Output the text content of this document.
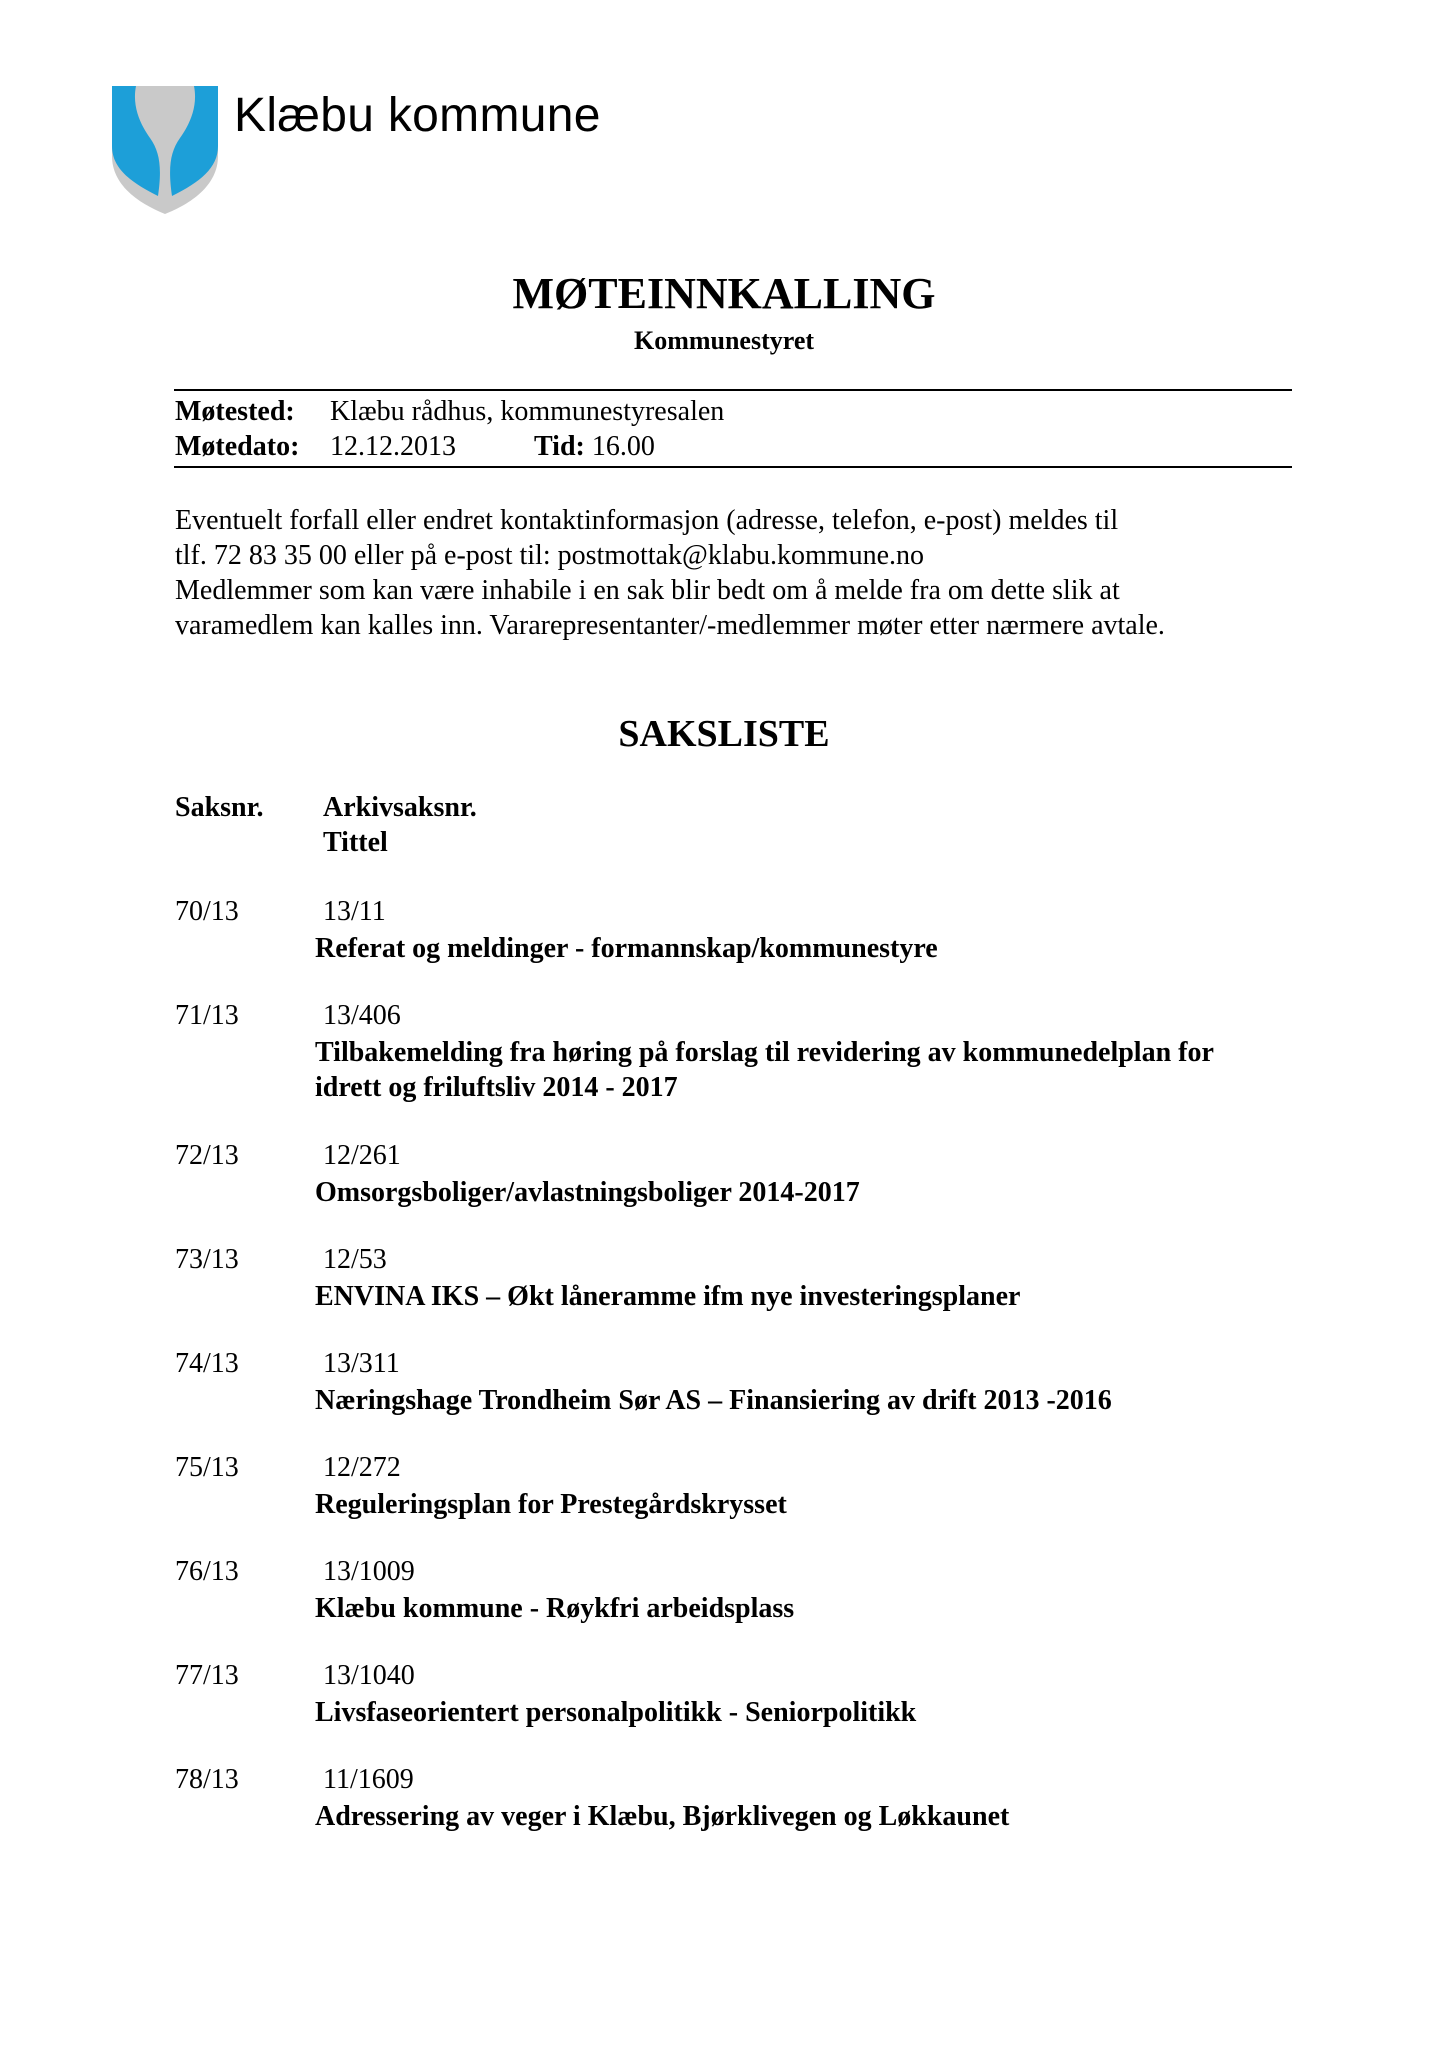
Klæbu kommune
MØTEINNKALLING
Kommunestyret
Møtested: Klæbu rådhus, kommunestyresalen
Møtedato: 12.12.2013	Tid: 16.00
Eventuelt forfall eller endret kontaktinformasjon (adresse, telefon, e-post) meldes til
tlf. 72 83 35 00 eller på e-post til: postmottak@klabu.kommune.no
Medlemmer som kan være inhabile i en sak blir bedt om å melde fra om dette slik at
varamedlem kan kalles inn. Vararepresentanter/-medlemmer møter etter nærmere avtale.
SAKSLISTE
Saksnr. Arkivsaksnr.
Tittel
70/13	13/11
Referat og meldinger - formannskap/kommunestyre
71/13	13/406
Tilbakemelding fra høring på forslag til revidering av kommunedelplan for
idrett og friluftsliv 2014 - 2017
72/13	12/261
Omsorgsboliger/avlastningsboliger 2014-2017
73/13	12/53
ENVINA IKS – Økt låneramme ifm nye investeringsplaner
74/13	13/311
Næringshage Trondheim Sør AS – Finansiering av drift 2013 -2016
75/13	12/272
Reguleringsplan for Prestegårdskrysset
76/13	13/1009
Klæbu kommune - Røykfri arbeidsplass
77/13	13/1040
Livsfaseorientert personalpolitikk - Seniorpolitikk
78/13	11/1609
Adressering av veger i Klæbu, Bjørklivegen og Løkkaunet
